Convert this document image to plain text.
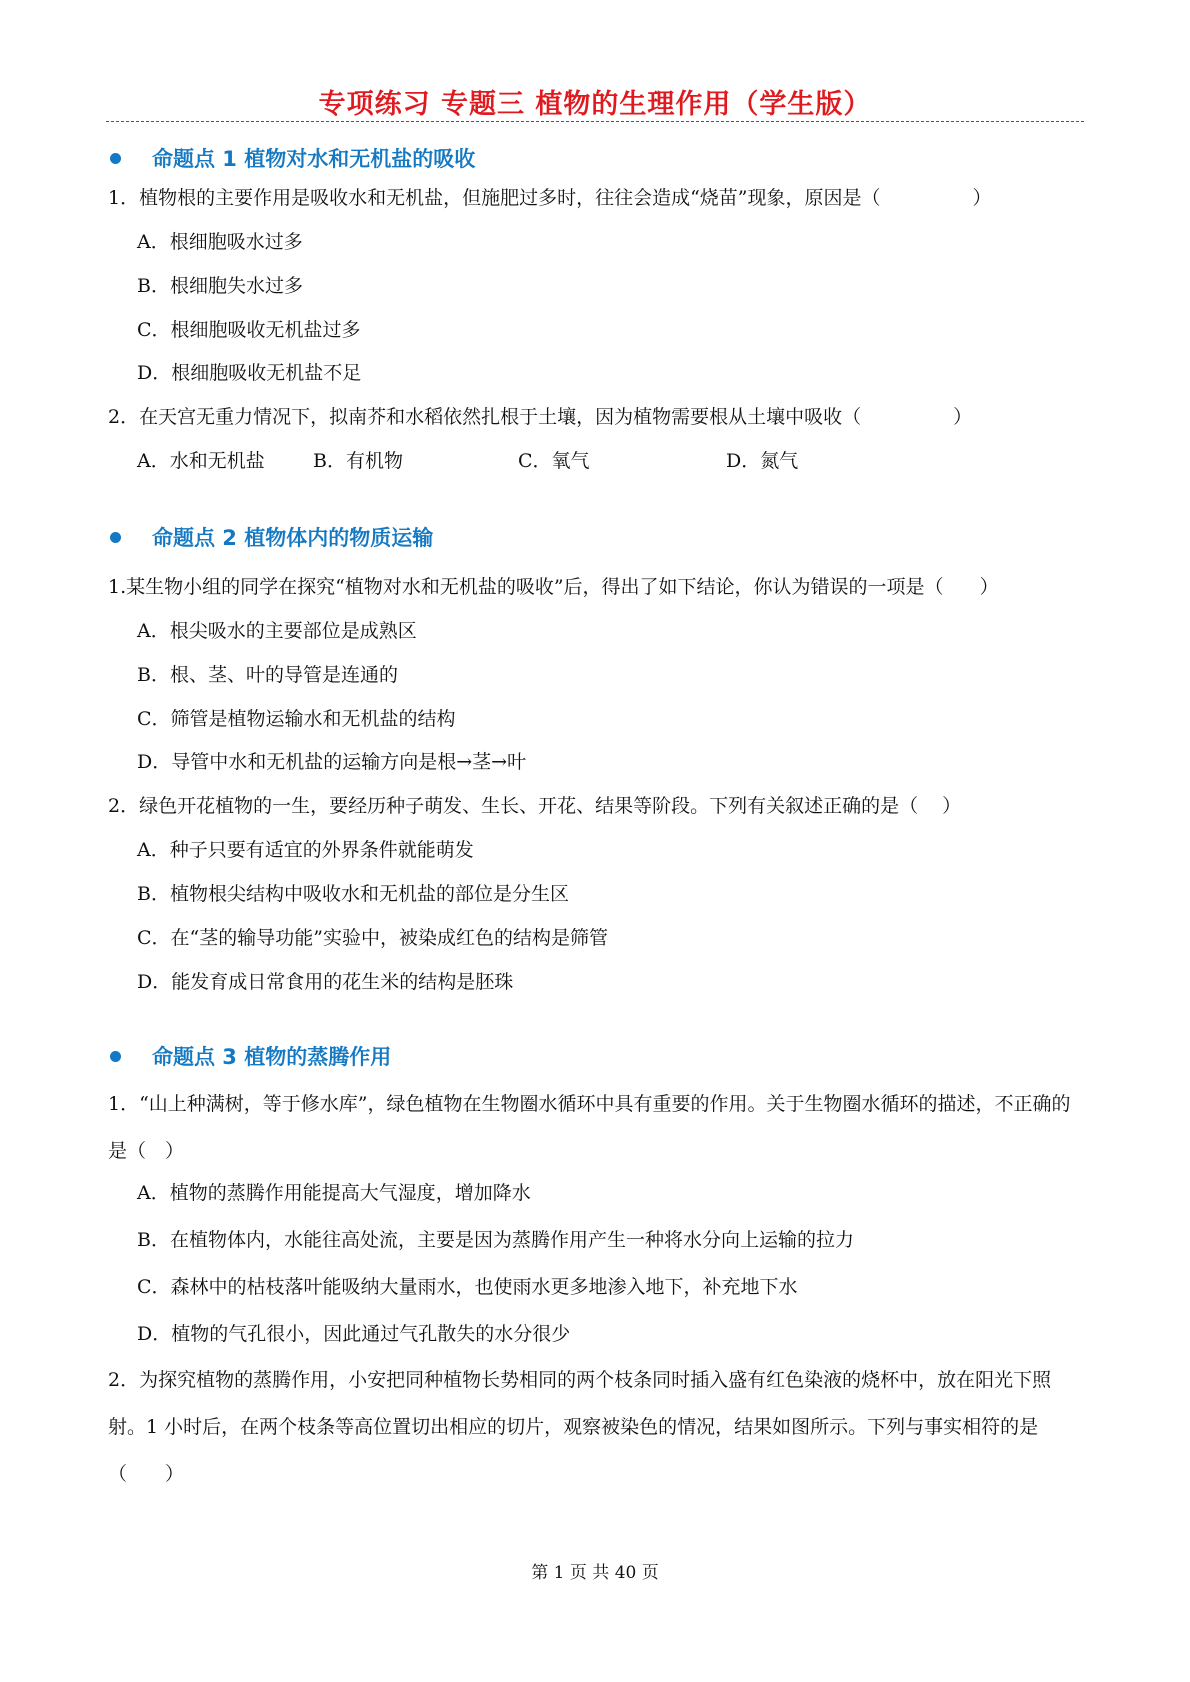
专项练习 专题三 植物的生理作用（学生版）
命题点 1 植物对水和无机盐的吸收
1．植物根的主要作用是吸收水和无机盐，但施肥过多时，往往会造成“烧苗”现象，原因是（	）
A．根细胞吸水过多
B．根细胞失水过多
C．根细胞吸收无机盐过多
D．根细胞吸收无机盐不足
2．在天宫无重力情况下，拟南芥和水稻依然扎根于土壤，因为植物需要根从土壤中吸收（	）
A．水和无机盐	B．有机物	C．氧气	D．氮气
命题点 2 植物体内的物质运输
1.某生物小组的同学在探究“植物对水和无机盐的吸收”后，得出了如下结论，你认为错误的一项是（ ）
A．根尖吸水的主要部位是成熟区
B．根、茎、叶的导管是连通的
C．筛管是植物运输水和无机盐的结构
D．导管中水和无机盐的运输方向是根→茎→叶
2．绿色开花植物的一生，要经历种子萌发、生长、开花、结果等阶段。下列有关叙述正确的是（ ）
A．种子只要有适宜的外界条件就能萌发
B．植物根尖结构中吸收水和无机盐的部位是分生区
C．在“茎的输导功能”实验中，被染成红色的结构是筛管
D．能发育成日常食用的花生米的结构是胚珠
命题点 3 植物的蒸腾作用
1．“山上种满树，等于修水库”，绿色植物在生物圈水循环中具有重要的作用。关于生物圈水循环的描述，不正确的是（　）
A．植物的蒸腾作用能提高大气湿度，增加降水
B．在植物体内，水能往高处流，主要是因为蒸腾作用产生一种将水分向上运输的拉力
C．森林中的枯枝落叶能吸纳大量雨水，也使雨水更多地渗入地下，补充地下水
D．植物的气孔很小，因此通过气孔散失的水分很少
2．为探究植物的蒸腾作用，小安把同种植物长势相同的两个枝条同时插入盛有红色染液的烧杯中，放在阳光下照射。1 小时后，在两个枝条等高位置切出相应的切片，观察被染色的情况，结果如图所示。下列与事实相符的是（　　）
第 1 页 共 40 页
